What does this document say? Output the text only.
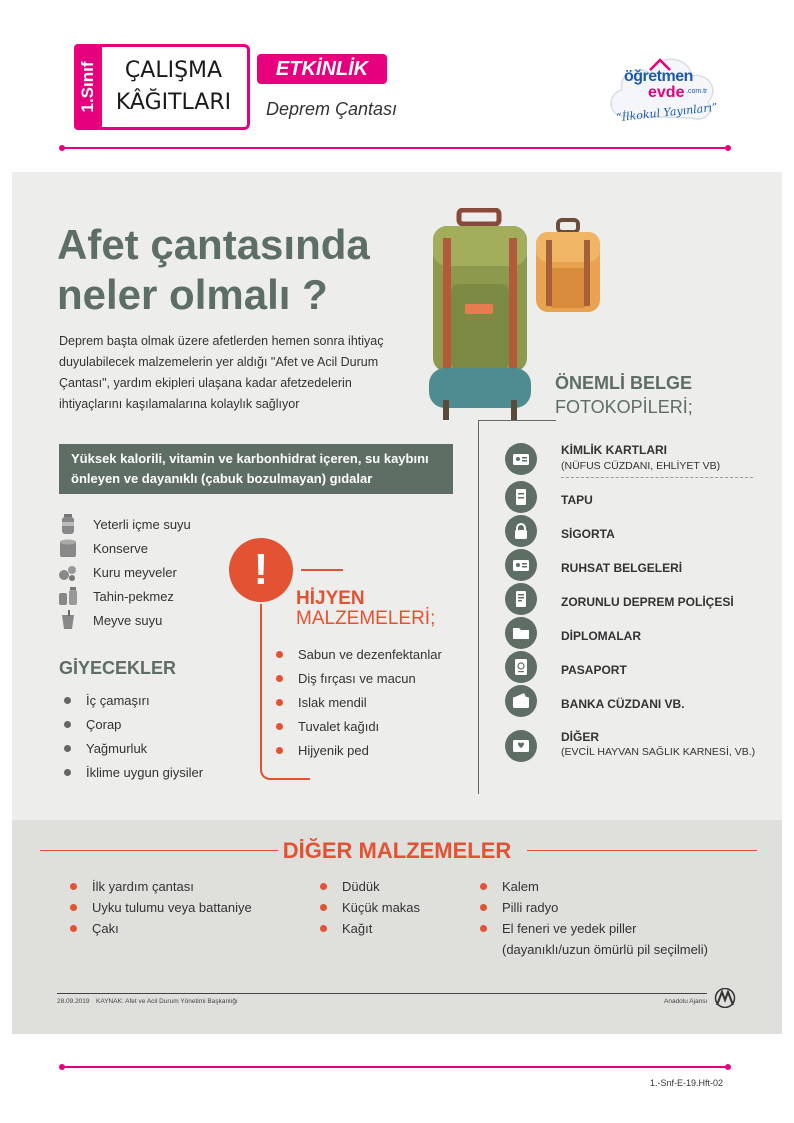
1.Sınıf	ÇALIŞMA
KÂĞITLARI
ETKİNLİK
Deprem Çantası
öğretmen
evde .com.tr
“İlkokul Yayınları”
Afet çantasında
neler olmalı ?
Deprem başta olmak üzere afetlerden hemen sonra ihtiyaç duyulabilecek malzemelerin yer aldığı "Afet ve Acil Durum Çantası", yardım ekipleri ulaşana kadar afetzedelerin ihtiyaçlarını kaşılamalarına kolaylık sağlıyor
Yüksek kalorili, vitamin ve karbonhidrat içeren, su kaybını önleyen ve dayanıklı (çabuk bozulmayan) gıdalar
Yeterli içme suyu
Konserve
Kuru meyveler
Tahin-pekmez
Meyve suyu
GİYECEKLER
İç çamaşırı
Çorap
Yağmurluk
İklime uygun giysiler
!
HİJYEN
MALZEMELERİ;
Sabun ve dezenfektanlar
Diş fırçası ve macun
Islak mendil
Tuvalet kağıdı
Hijyenik ped
ÖNEMLİ BELGE
FOTOKOPİLERİ;
KİMLİK KARTLARI
(NÜFUS CÜZDANI, EHLİYET VB)
TAPU
SİGORTA
RUHSAT BELGELERİ
ZORUNLU DEPREM POLİÇESİ
DİPLOMALAR
PASAPORT
BANKA CÜZDANI VB.
DİĞER
(EVCİL HAYVAN SAĞLIK KARNESİ, VB.)
DİĞER MALZEMELER
İlk yardım çantası
Uyku tulumu veya battaniye
Çakı
Düdük
Küçük makas
Kağıt
Kalem
Pilli radyo
El feneri ve yedek piller
(dayanıklı/uzun ömürlü pil seçilmeli)
28.09.2019 KAYNAK: Afet ve Acil Durum Yönetimi Başkanlığı	Anadolu Ajansı
1.-Snf-E-19.Hft-02
